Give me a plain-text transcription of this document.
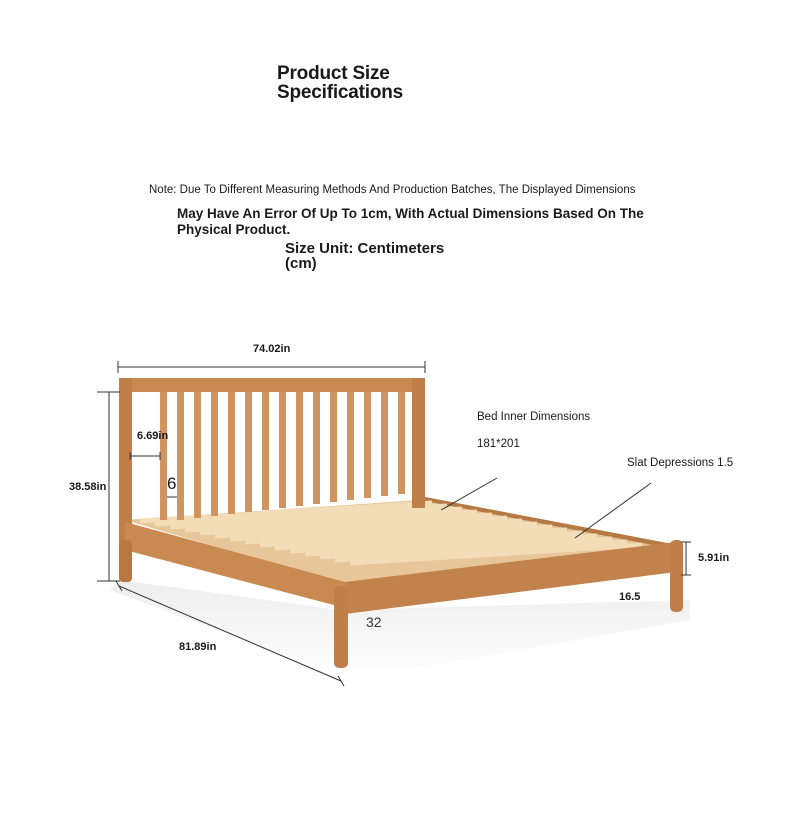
Product Size
Specifications
Note: Due To Different Measuring Methods And Production Batches, The Displayed Dimensions
May Have An Error Of Up To 1cm, With Actual Dimensions Based On The
Physical Product.
Size Unit: Centimeters
(cm)
74.02in
38.58in
81.89in
6.69in
6
5.91in
16.5
32
Bed Inner Dimensions
181*201
Slat Depressions 1.5
